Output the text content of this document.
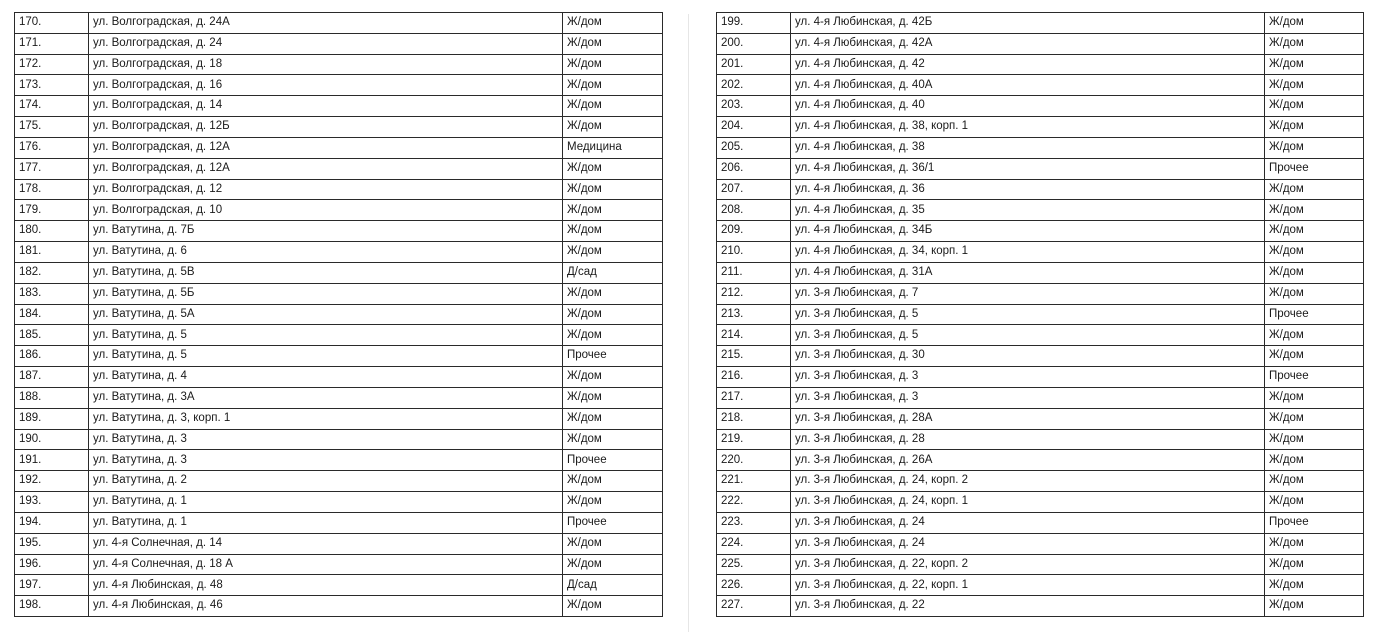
170.	ул. Волгоградская, д. 24А	Ж/дом
171.	ул. Волгоградская, д. 24	Ж/дом
172.	ул. Волгоградская, д. 18	Ж/дом
173.	ул. Волгоградская, д. 16	Ж/дом
174.	ул. Волгоградская, д. 14	Ж/дом
175.	ул. Волгоградская, д. 12Б	Ж/дом
176.	ул. Волгоградская, д. 12А	Медицина
177.	ул. Волгоградская, д. 12А	Ж/дом
178.	ул. Волгоградская, д. 12	Ж/дом
179.	ул. Волгоградская, д. 10	Ж/дом
180.	ул. Ватутина, д. 7Б	Ж/дом
181.	ул. Ватутина, д. 6	Ж/дом
182.	ул. Ватутина, д. 5В	Д/сад
183.	ул. Ватутина, д. 5Б	Ж/дом
184.	ул. Ватутина, д. 5А	Ж/дом
185.	ул. Ватутина, д. 5	Ж/дом
186.	ул. Ватутина, д. 5	Прочее
187.	ул. Ватутина, д. 4	Ж/дом
188.	ул. Ватутина, д. 3А	Ж/дом
189.	ул. Ватутина, д. 3, корп. 1	Ж/дом
190.	ул. Ватутина, д. 3	Ж/дом
191.	ул. Ватутина, д. 3	Прочее
192.	ул. Ватутина, д. 2	Ж/дом
193.	ул. Ватутина, д. 1	Ж/дом
194.	ул. Ватутина, д. 1	Прочее
195.	ул. 4-я Солнечная, д. 14	Ж/дом
196.	ул. 4-я Солнечная, д. 18 А	Ж/дом
197.	ул. 4-я Любинская, д. 48	Д/сад
198.	ул. 4-я Любинская, д. 46	Ж/дом
199.	ул. 4-я Любинская, д. 42Б	Ж/дом
200.	ул. 4-я Любинская, д. 42А	Ж/дом
201.	ул. 4-я Любинская, д. 42	Ж/дом
202.	ул. 4-я Любинская, д. 40А	Ж/дом
203.	ул. 4-я Любинская, д. 40	Ж/дом
204.	ул. 4-я Любинская, д. 38, корп. 1	Ж/дом
205.	ул. 4-я Любинская, д. 38	Ж/дом
206.	ул. 4-я Любинская, д. 36/1	Прочее
207.	ул. 4-я Любинская, д. 36	Ж/дом
208.	ул. 4-я Любинская, д. 35	Ж/дом
209.	ул. 4-я Любинская, д. 34Б	Ж/дом
210.	ул. 4-я Любинская, д. 34, корп. 1	Ж/дом
211.	ул. 4-я Любинская, д. 31А	Ж/дом
212.	ул. 3-я Любинская, д. 7	Ж/дом
213.	ул. 3-я Любинская, д. 5	Прочее
214.	ул. 3-я Любинская, д. 5	Ж/дом
215.	ул. 3-я Любинская, д. 30	Ж/дом
216.	ул. 3-я Любинская, д. 3	Прочее
217.	ул. 3-я Любинская, д. 3	Ж/дом
218.	ул. 3-я Любинская, д. 28А	Ж/дом
219.	ул. 3-я Любинская, д. 28	Ж/дом
220.	ул. 3-я Любинская, д. 26А	Ж/дом
221.	ул. 3-я Любинская, д. 24, корп. 2	Ж/дом
222.	ул. 3-я Любинская, д. 24, корп. 1	Ж/дом
223.	ул. 3-я Любинская, д. 24	Прочее
224.	ул. 3-я Любинская, д. 24	Ж/дом
225.	ул. 3-я Любинская, д. 22, корп. 2	Ж/дом
226.	ул. 3-я Любинская, д. 22, корп. 1	Ж/дом
227.	ул. 3-я Любинская, д. 22	Ж/дом
